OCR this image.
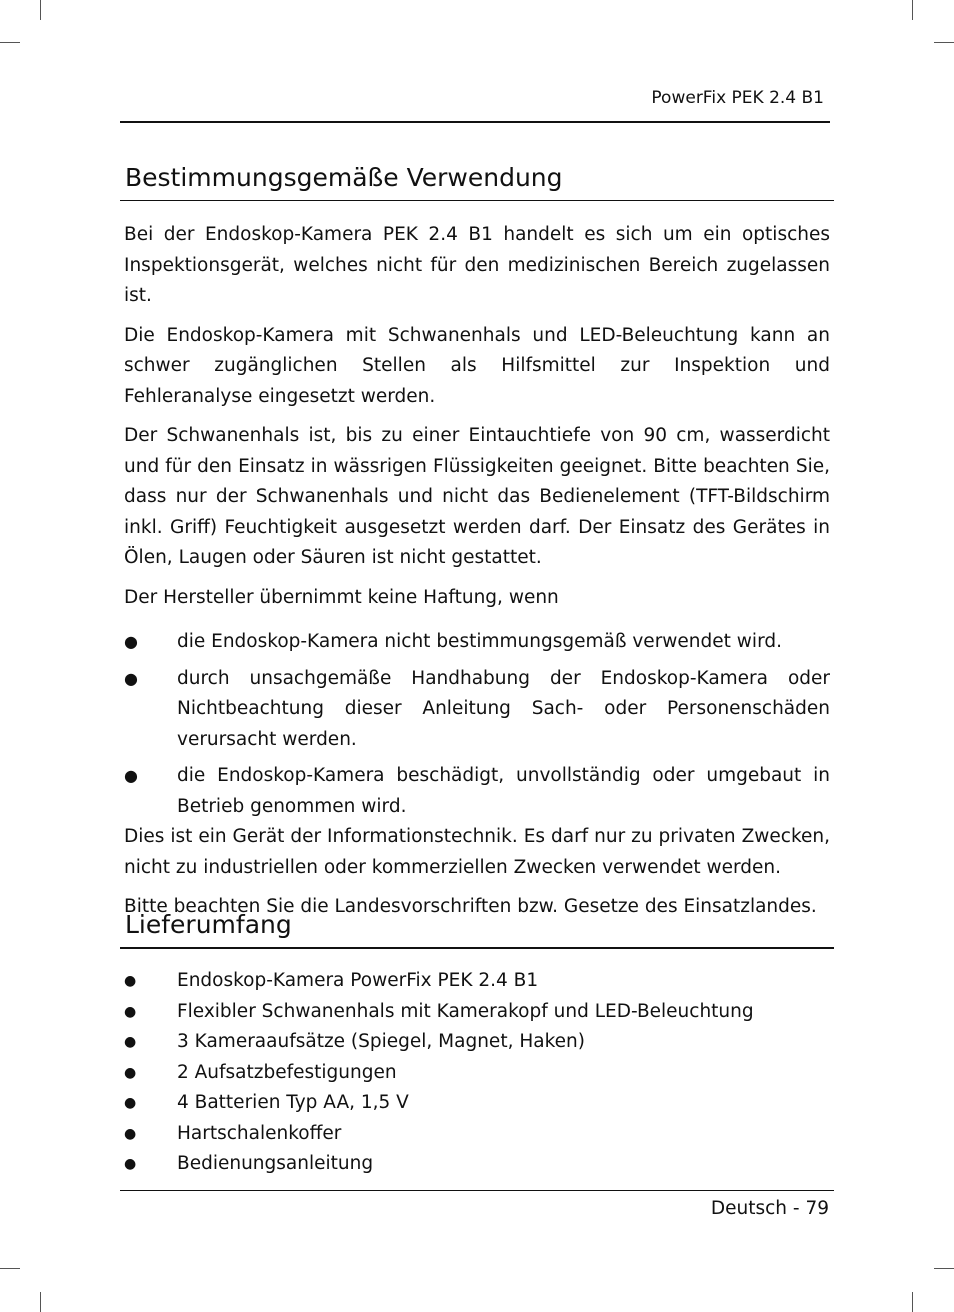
PowerFix PEK 2.4 B1
Bestimmungsgemäße Verwendung

Bei der Endoskop-Kamera PEK 2.4 B1 handelt es sich um ein optisches Inspektionsgerät, welches nicht für den medizinischen Bereich zugelassen ist.

Die Endoskop-Kamera mit Schwanenhals und LED-Beleuchtung kann an schwer zugänglichen Stellen als Hilfsmittel zur Inspektion und Fehleranalyse eingesetzt werden.

Der Schwanenhals ist, bis zu einer Eintauchtiefe von 90 cm, wasserdicht und für den Einsatz in wässrigen Flüssigkeiten geeignet. Bitte beachten Sie, dass nur der Schwanenhals und nicht das Bedienelement (TFT-Bildschirm inkl. Griff) Feuchtigkeit ausgesetzt werden darf. Der Einsatz des Gerätes in Ölen, Laugen oder Säuren ist nicht gestattet.

Der Hersteller übernimmt keine Haftung, wenn

● die Endoskop-Kamera nicht bestimmungsgemäß verwendet wird.
● durch unsachgemäße Handhabung der Endoskop-Kamera oder Nichtbeachtung dieser Anleitung Sach- oder Personenschäden verursacht werden.
● die Endoskop-Kamera beschädigt, unvollständig oder umgebaut in Betrieb genommen wird.

Dies ist ein Gerät der Informationstechnik. Es darf nur zu privaten Zwecken, nicht zu industriellen oder kommerziellen Zwecken verwendet werden.

Bitte beachten Sie die Landesvorschriften bzw. Gesetze des Einsatzlandes.

Lieferumfang
● Endoskop-Kamera PowerFix PEK 2.4 B1
● Flexibler Schwanenhals mit Kamerakopf und LED-Beleuchtung
● 3 Kameraaufsätze (Spiegel, Magnet, Haken)
● 2 Aufsatzbefestigungen
● 4 Batterien Typ AA, 1,5 V
● Hartschalenkoffer
● Bedienungsanleitung
Deutsch - 79
